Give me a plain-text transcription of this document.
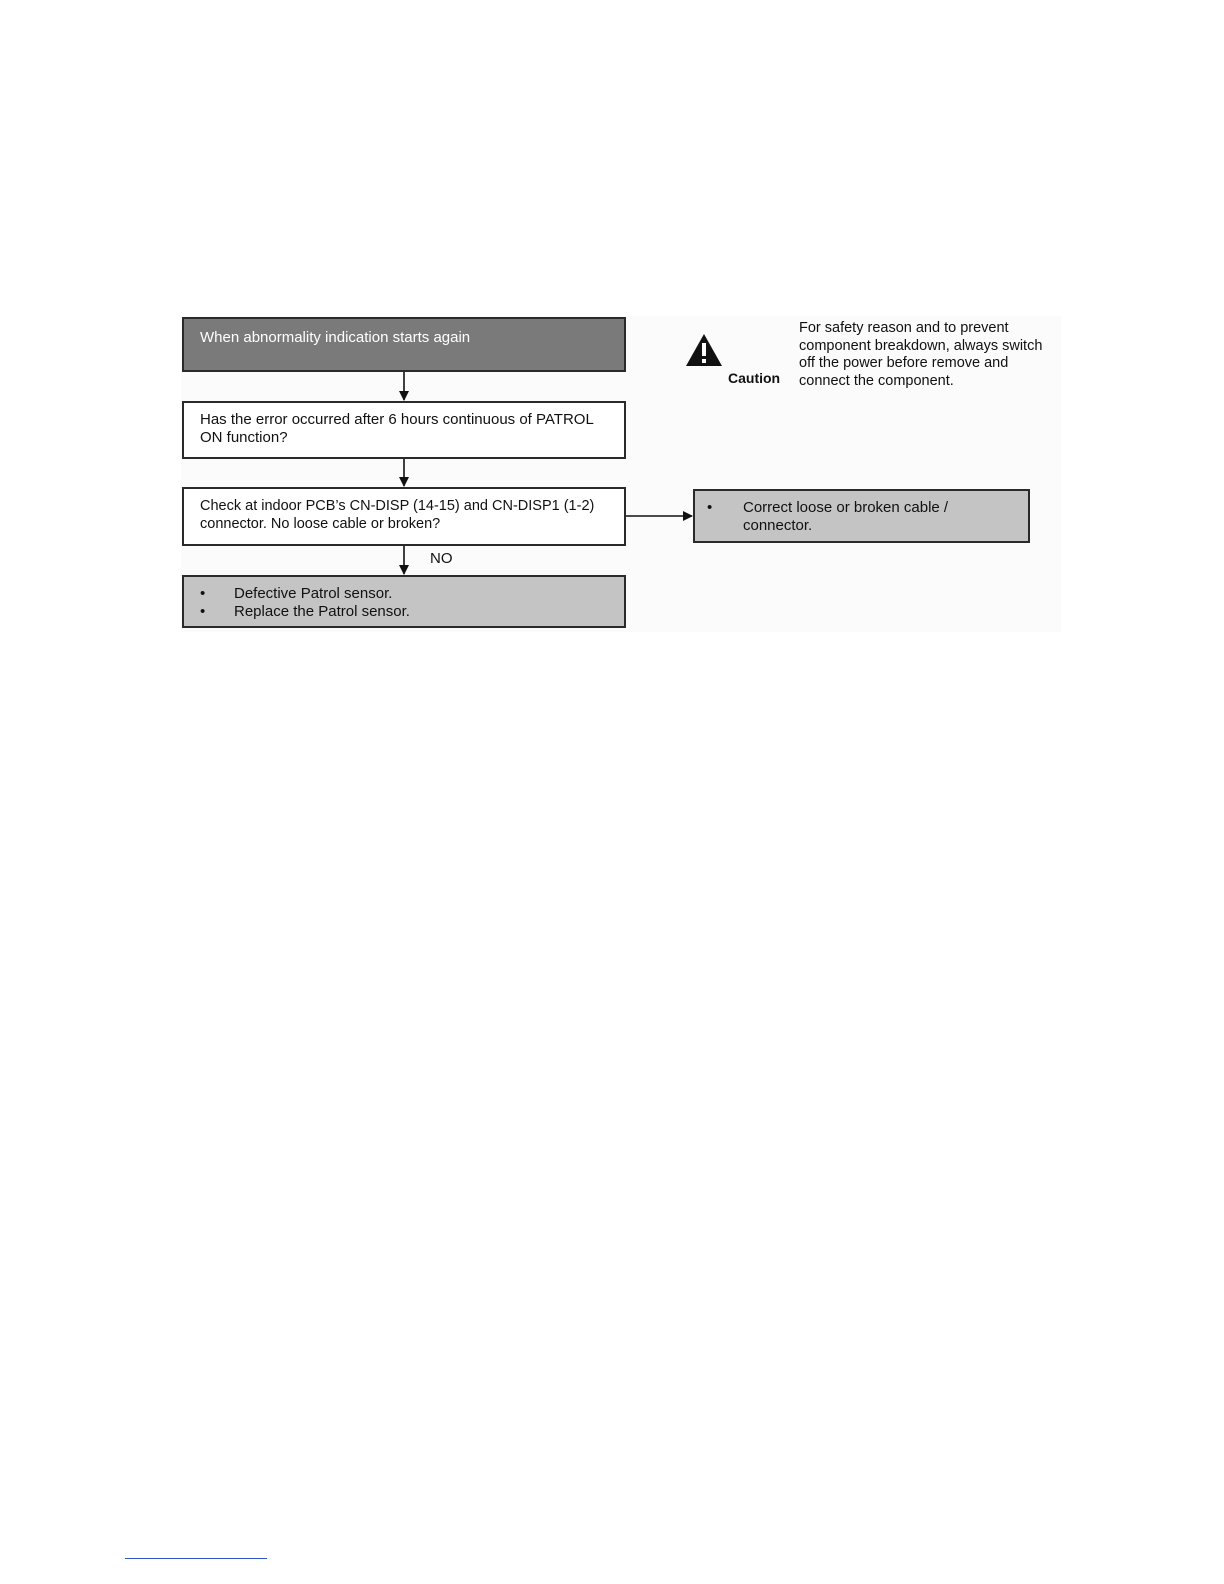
When abnormality indication starts again
Has the error occurred after 6 hours continuous of PATROL ON function?
Check at indoor PCB’s CN-DISP (14-15) and CN-DISP1 (1-2) connector. No loose cable or broken?
NO
•	Correct loose or broken cable / connector.
•	Defective Patrol sensor.
•	Replace the Patrol sensor.
Caution
For safety reason and to prevent component breakdown, always switch off the power before remove and connect the component.
